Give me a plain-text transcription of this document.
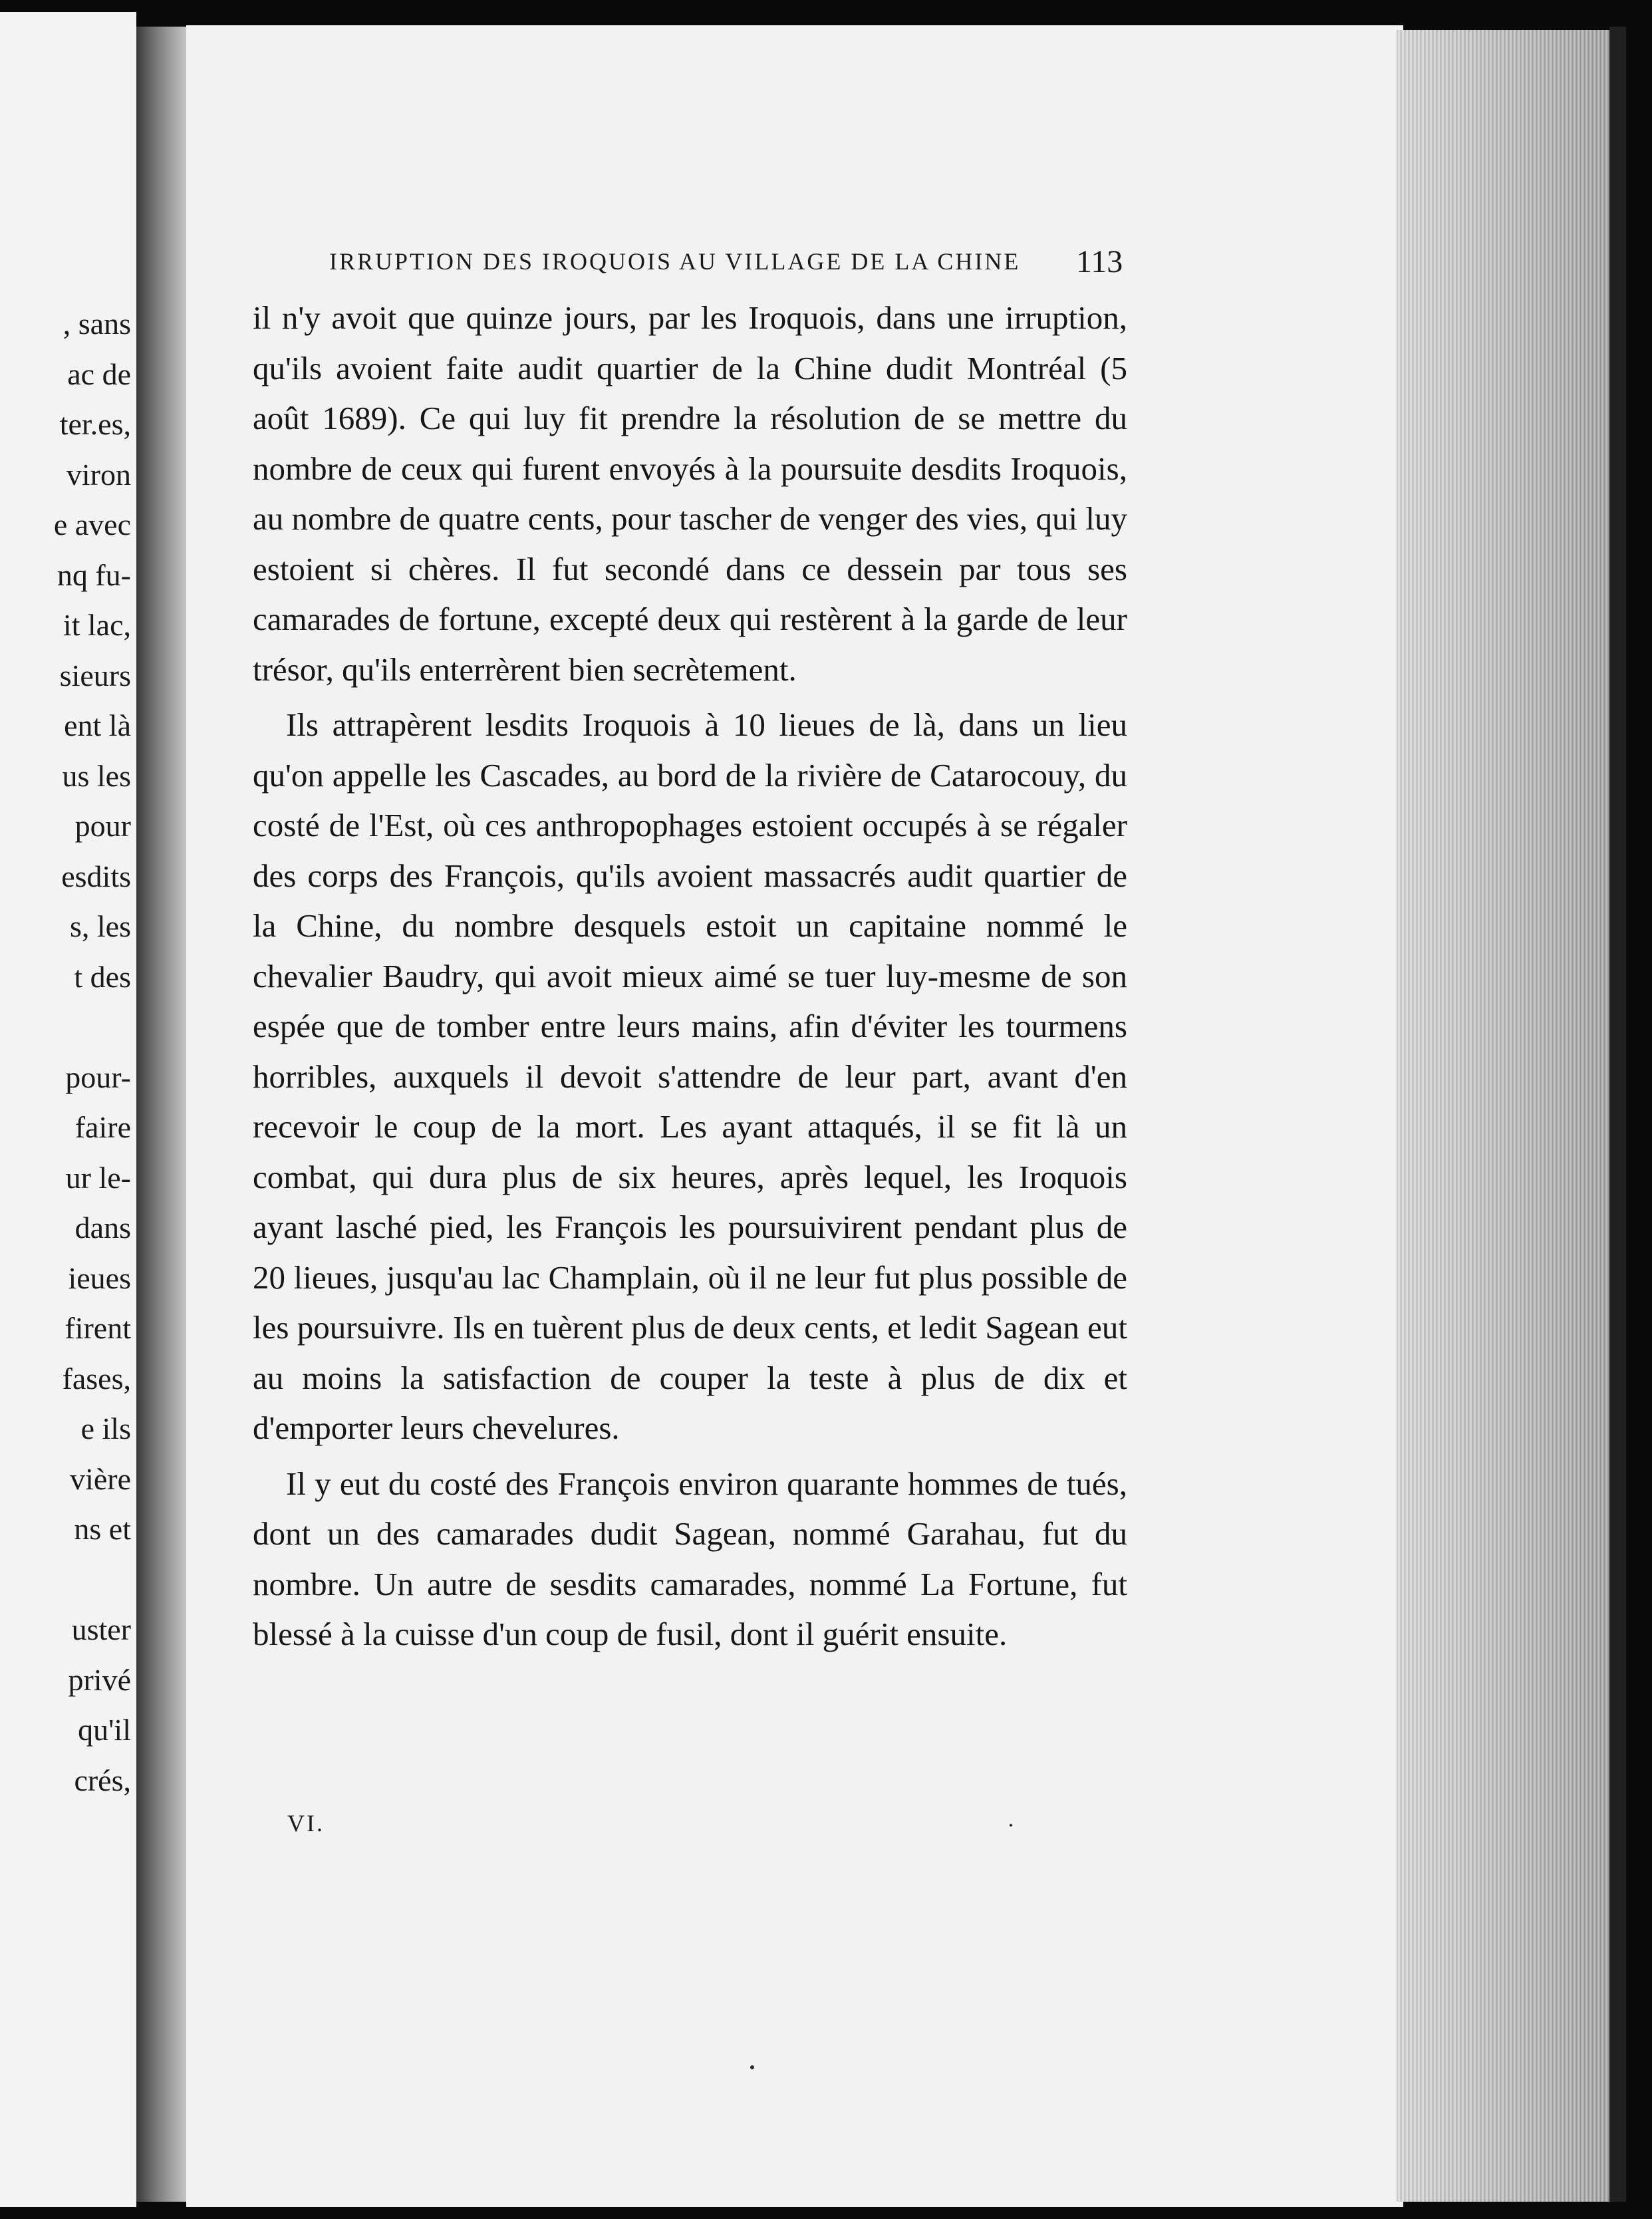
, sans
ac de
ter.es,
viron
e avec
nq fu-
it lac,
sieurs
ent là
us les
pour
esdits
s, les
t des
pour-
faire
ur le-
dans
ieues
firent
fases,
e ils
vière
ns et
uster
privé
qu'il
crés,
IRRUPTION DES IROQUOIS AU VILLAGE DE LA CHINE 113

il n'y avoit que quinze jours, par les Iroquois, dans une irruption, qu'ils avoient faite audit quartier de la Chine dudit Montréal (5 août 1689). Ce qui luy fit prendre la résolution de se mettre du nombre de ceux qui furent envoyés à la poursuite desdits Iroquois, au nombre de quatre cents, pour tascher de venger des vies, qui luy estoient si chères. Il fut secondé dans ce dessein par tous ses camarades de fortune, excepté deux qui restèrent à la garde de leur trésor, qu'ils enterrèrent bien secrètement.

Ils attrapèrent lesdits Iroquois à 10 lieues de là, dans un lieu qu'on appelle les Cascades, au bord de la rivière de Catarocouy, du costé de l'Est, où ces anthropophages estoient occupés à se régaler des corps des François, qu'ils avoient massacrés audit quartier de la Chine, du nombre desquels estoit un capitaine nommé le chevalier Baudry, qui avoit mieux aimé se tuer luy-mesme de son espée que de tomber entre leurs mains, afin d'éviter les tourmens horribles, auxquels il devoit s'attendre de leur part, avant d'en recevoir le coup de la mort. Les ayant attaqués, il se fit là un combat, qui dura plus de six heures, après lequel, les Iroquois ayant lasché pied, les François les poursuivirent pendant plus de 20 lieues, jusqu'au lac Champlain, où il ne leur fut plus possible de les poursuivre. Ils en tuèrent plus de deux cents, et ledit Sagean eut au moins la satisfaction de couper la teste à plus de dix et d'emporter leurs chevelures.

Il y eut du costé des François environ quarante hommes de tués, dont un des camarades dudit Sagean, nommé Garahau, fut du nombre. Un autre de sesdits camarades, nommé La Fortune, fut blessé à la cuisse d'un coup de fusil, dont il guérit ensuite.

VI.
